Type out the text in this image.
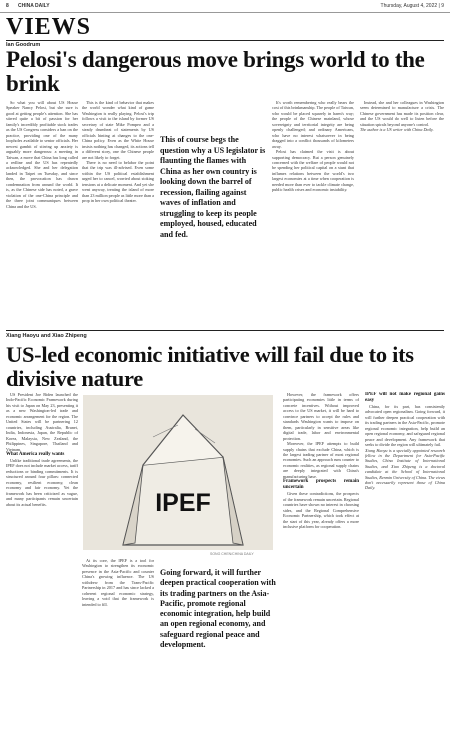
8 CHINA DAILY	Thursday, August 4, 2022 | 9
VIEWS
Ian Goodrum
Pelosi's dangerous move brings world to the brink

So what you will about US House Speaker Nancy Pelosi, but she sure is good at getting people's attention. She has stirred quite a bit of passion for her family's incredibly profitable stock trades as the US Congress considers a ban on the practice, providing one of the many loopholes available to senior officials. Her newest gambit of stirring up anxiety is arguably more dangerous: a meeting in Taiwan, a move that China has long called a redline and the US has repeatedly acknowledged. She and her delegation landed in Taipei on Tuesday, and since then, the provocation has drawn condemnation from around the world. It is, as the Chinese side has noted, a grave violation of the one-China principle and the three joint communiques between China and the US.

This is the kind of behavior that makes the world wonder what kind of game Washington is really playing. Pelosi's trip follows a visit to the island by former US secretary of state Mike Pompeo and a steady drumbeat of statements by US officials hinting at changes to the one-China policy. Even as the White House insists nothing has changed, its actions tell a different story, one the Chinese people are not likely to forget.

There is no need to belabor the point that the trip was ill-advised. Even some within the US political establishment urged her to cancel, worried about stoking tensions at a delicate moment. And yet she went anyway, treating the island of more than 23 million people as little more than a prop in her own political theater.

This of course begs the question why a US legislator is flaunting the flames with China as her own country is looking down the barrel of recession, flailing against waves of inflation and struggling to keep its people employed, housed, educated and fed.

It's worth remembering who really bears the cost of this brinkmanship. The people of Taiwan, who would be placed squarely in harm's way; the people of the Chinese mainland, whose sovereignty and territorial integrity are being openly challenged; and ordinary Americans, who have no interest whatsoever in being dragged into a conflict thousands of kilometers away.

Pelosi has claimed the visit is about supporting democracy. But a person genuinely concerned with the welfare of people would not be spending her political capital on a stunt that inflames relations between the world's two largest economies at a time when cooperation is needed more than ever to tackle climate change, public health crises and economic instability.

Instead, she and her colleagues in Washington seem determined to manufacture a crisis. The Chinese government has made its position clear, and the US would do well to listen before the situation spirals beyond anyone's control.

The author is a US writer with China Daily.

Xiang Haoyu and Xiao Zhipeng
US-led economic initiative will fail due to its divisive nature

US President Joe Biden launched the Indo-Pacific Economic Framework during his visit to Japan on May 23, presenting it as a new Washington-led trade and economic arrangement for the region. The United States will be partnering 12 countries, including Australia, Brunei, India, Indonesia, Japan, the Republic of Korea, Malaysia, New Zealand, the Philippines, Singapore, Thailand and Vietnam.

What America really wants

Unlike traditional trade agreements, the IPEF does not include market access, tariff reductions or binding commitments. It is structured around four pillars: connected economy, resilient economy, clean economy and fair economy. Yet the framework has been criticized as vague, and many participants remain uncertain about its actual benefits.	IPEF
SONG CHEN/CHINA DAILY

At its core, the IPEF is a tool for Washington to strengthen its economic presence in the Asia-Pacific and counter China's growing influence. The US withdrew from the Trans-Pacific Partnership in 2017 and has since lacked a coherent regional economic strategy, leaving a void that the framework is intended to fill.

Going forward, it will further deepen practical cooperation with its trading partners on the Asia-Pacific, promote regional economic integration, help build an open regional economy, and safeguard regional peace and development.

However, the framework offers participating economies little in terms of concrete incentives. Without improved access to the US market, it will be hard to convince partners to accept the rules and standards Washington wants to impose on them, particularly in sensitive areas like digital trade, labor and environmental protection.

Moreover, the IPEF attempts to build supply chains that exclude China, which is the largest trading partner of most regional economies. Such an approach runs counter to economic realities, as regional supply chains are deeply integrated with China's manufacturing base.

Framework prospects remain uncertain

Given these contradictions, the prospects of the framework remain uncertain. Regional countries have shown no interest in choosing sides, and the Regional Comprehensive Economic Partnership, which took effect at the start of this year, already offers a more inclusive platform for cooperation.

IPEF will not make regional gains easy

China, for its part, has consistently advocated open regionalism. Going forward, it will further deepen practical cooperation with its trading partners in the Asia-Pacific, promote regional economic integration, help build an open regional economy, and safeguard regional peace and development. Any framework that seeks to divide the region will ultimately fail.

Xiang Haoyu is a specially appointed research fellow in the Department for Asia-Pacific Studies, China Institute of International Studies, and Xiao Zhipeng is a doctoral candidate at the School of International Studies, Renmin University of China. The views don't necessarily represent those of China Daily.
